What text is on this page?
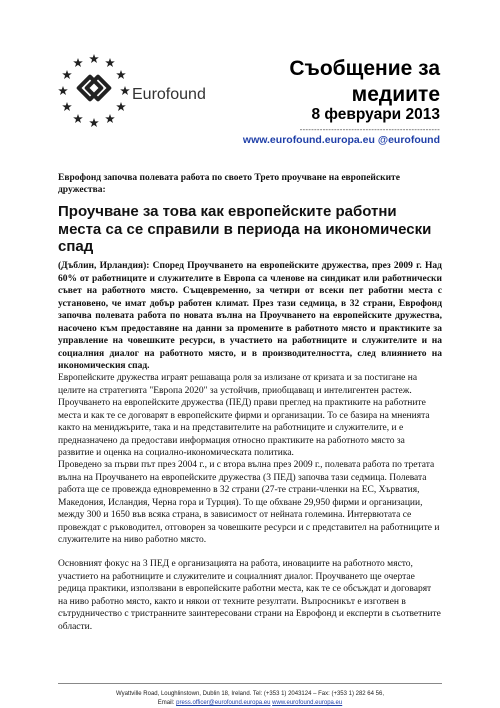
Eurofound
Съобщение за медиите
8 февруари 2013
-------------------------------------------------
www.eurofound.europa.eu @eurofound
Еврофонд започва полевата работа по своето Трето проучване на европейските дружества:
Проучване за това как европейските работни места са се справили в периода на икономически спад
(Дъблин, Ирландия): Според Проучването на европейските дружества, през 2009 г. Над 60% от работниците и служителите в Европа са членове на синдикат или работнически съвет на работното място. Същевременно, за четири от всеки пет работни места с установено, че имат добър работен климат. През тази седмица, в 32 страни, Еврофонд започва полевата работа по новата вълна на Проучването на европейските дружества, насочено към предоставяне на данни за промените в работното място и практиките за управление на човешките ресурси, в участието на работниците и служителите и на социалния диалог на работното място, и в производителността, след влиянието на икономическия спад.
Европейските дружества играят решаваща роля за излизане от кризата и за постигане на целите на стратегията "Европа 2020" за устойчив, приобщаващ и интелигентен растеж. Проучването на европейските дружества (ПЕД) прави преглед на практиките на работните места и как те се договарят в европейските фирми и организации. То се базира на мненията както на мениджърите, така и на представителите на работниците и служителите, и е предназначено да предостави информация относно практиките на работното място за развитие и оценка на социално-икономическата политика.
Проведено за първи път през 2004 г., и с втора вълна през 2009 г., полевата работа по третата вълна на Проучването на европейските дружества (3 ПЕД) започва тази седмица. Полевата работа ще се провежда едновременно в 32 страни (27-те страни-членки на ЕС, Хърватия, Македония, Исландия, Черна гора и Турция). То ще обхване 29,950 фирми и организации, между 300 и 1650 във всяка страна, в зависимост от нейната големина. Интервютата се провеждат с ръководител, отговорен за човешките ресурси и с представител на работниците и служителите на ниво работно място.
Основният фокус на 3 ПЕД е организацията на работа, иновациите на работното място, участието на работниците и служителите и социалният диалог. Проучването ще очертае редица практики, използвани в европейските работни места, как те се обсъждат и договарят на ниво работно място, както и някои от техните резултати. Въпросникът е изготвен в сътрудничество с тристранните заинтересовани страни на Еврофонд и експерти в съответните области.
Wyattville Road, Loughlinstown, Dublin 18, Ireland. Tel: (+353 1) 2043124 – Fax: (+353 1) 282 64 56,
Email: press.officer@eurofound.europa.eu www.eurofound.europa.eu
